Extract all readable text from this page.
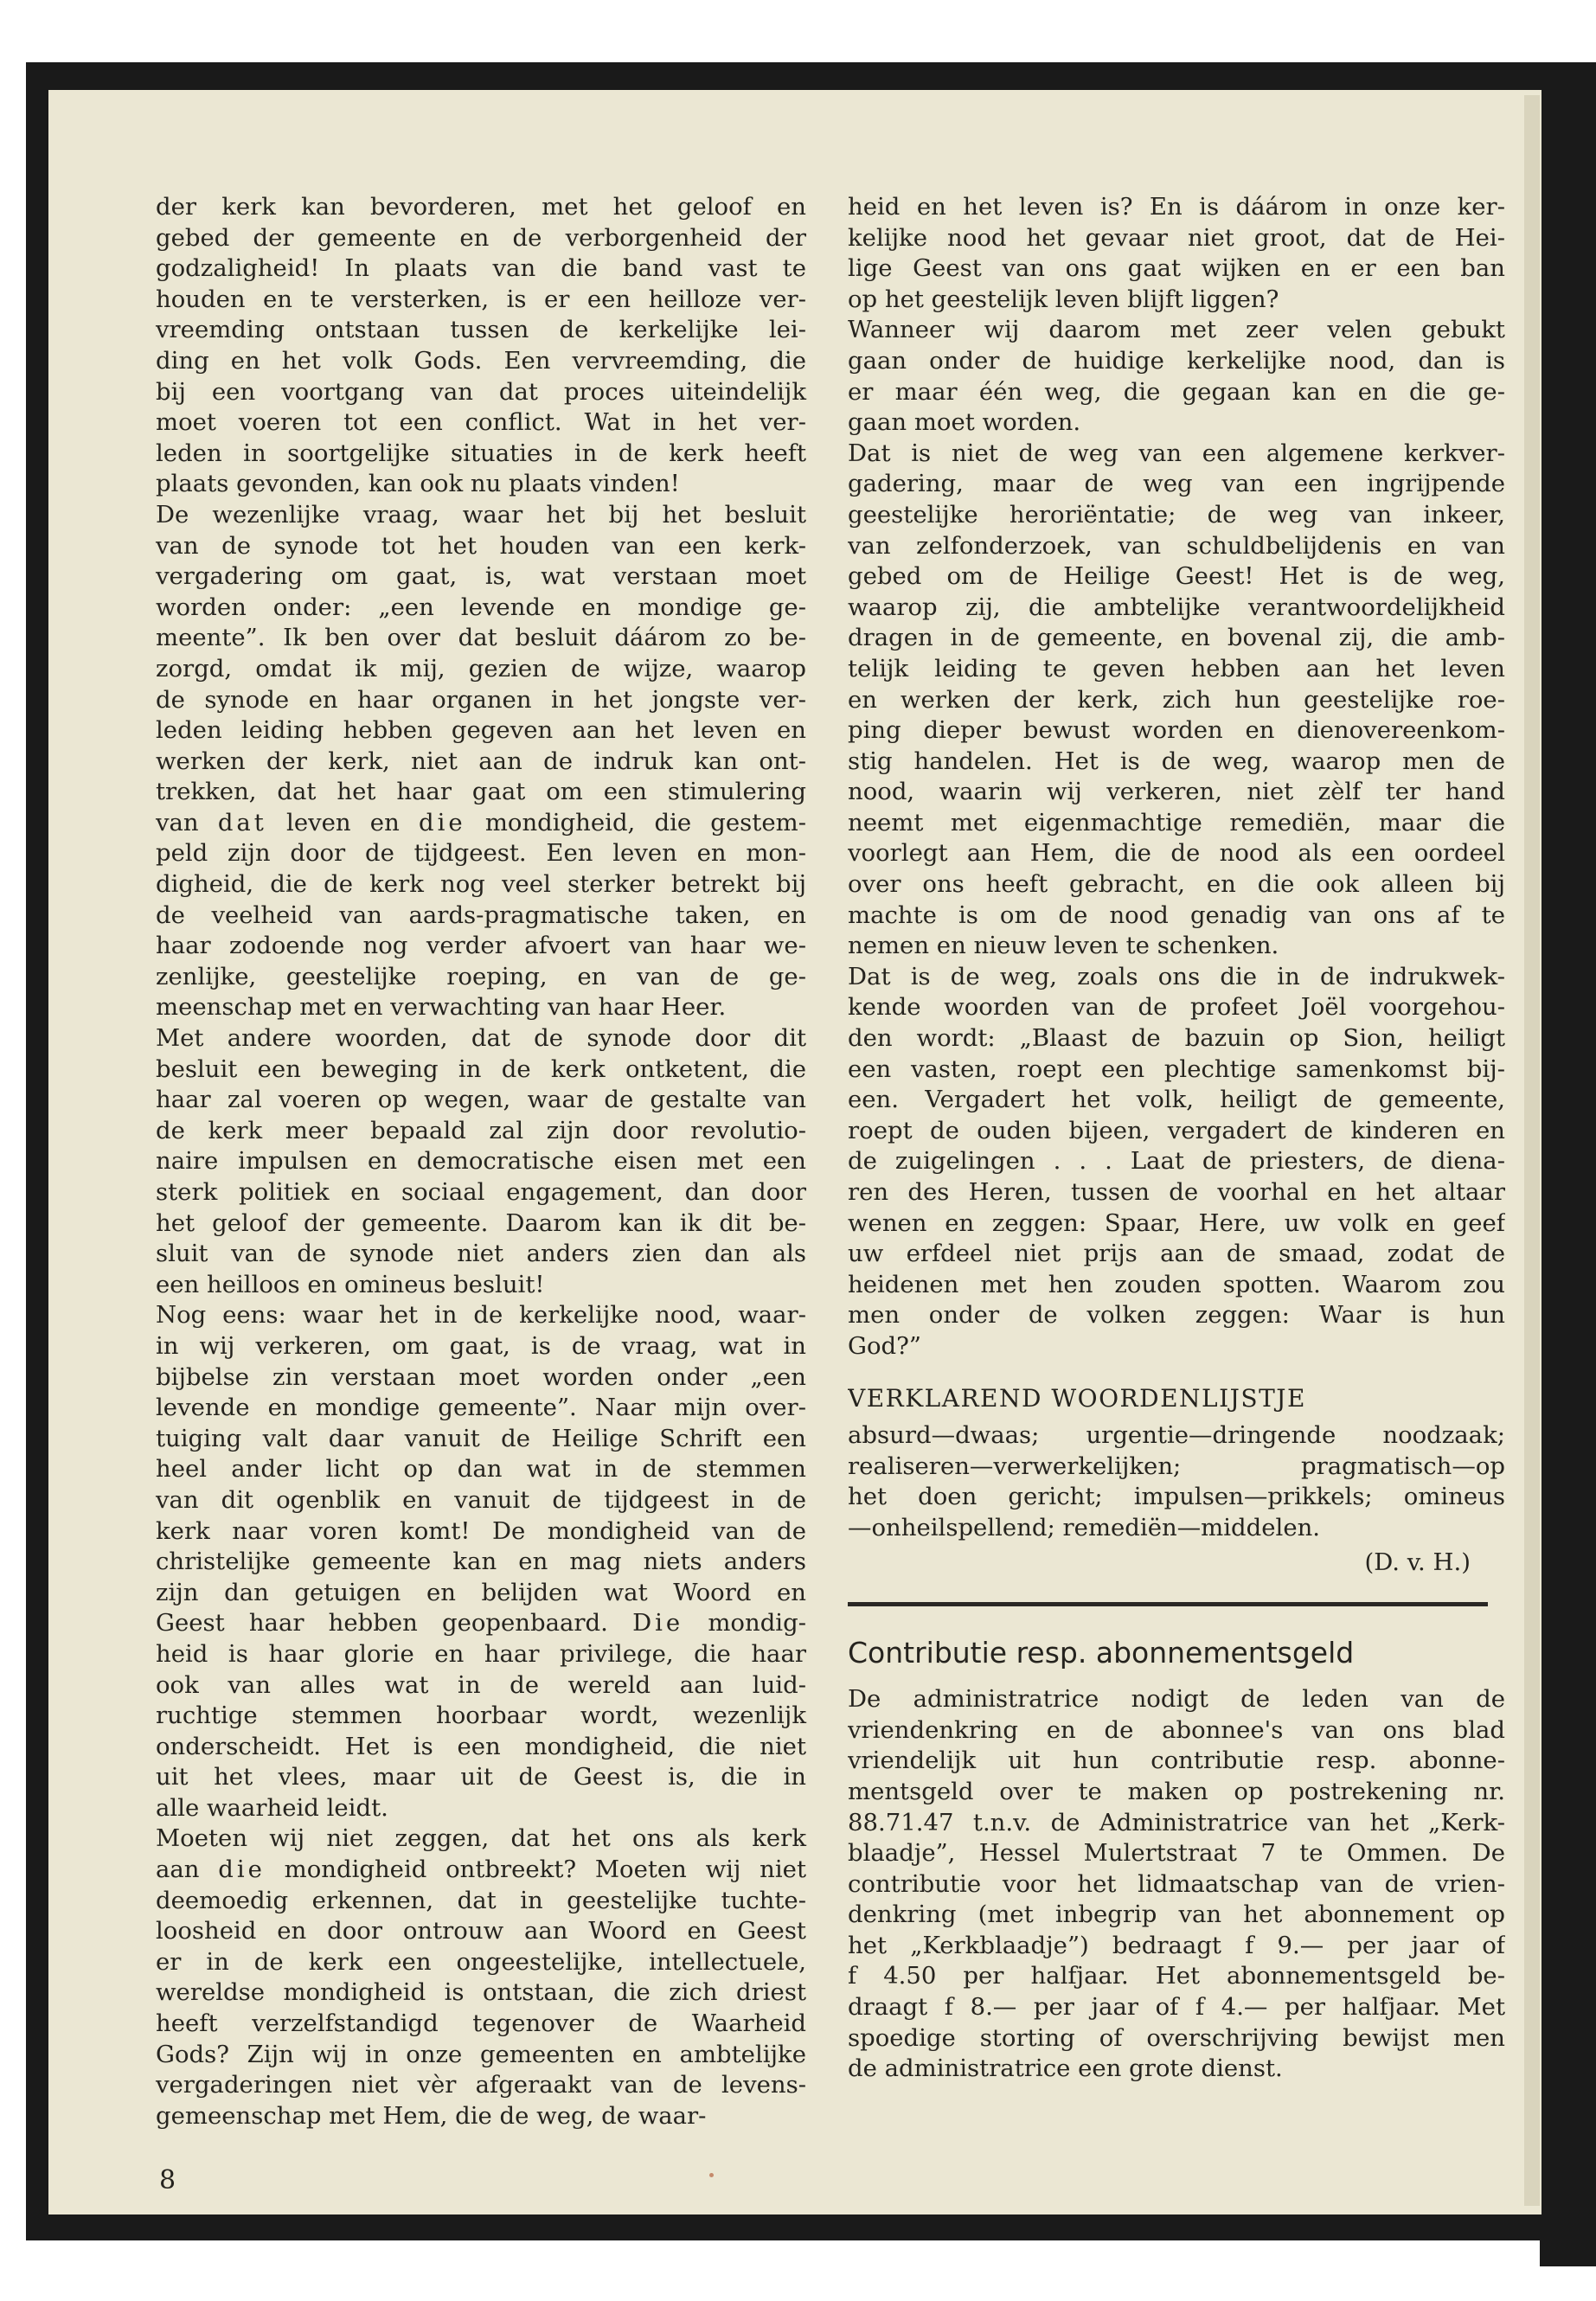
der kerk kan bevorderen, met het geloof en
gebed der gemeente en de verborgenheid der
godzaligheid! In plaats van die band vast te
houden en te versterken, is er een heilloze ver-
vreemding ontstaan tussen de kerkelijke lei-
ding en het volk Gods. Een vervreemding, die
bij een voortgang van dat proces uiteindelijk
moet voeren tot een conflict. Wat in het ver-
leden in soortgelijke situaties in de kerk heeft
plaats gevonden, kan ook nu plaats vinden!

De wezenlijke vraag, waar het bij het besluit
van de synode tot het houden van een kerk-
vergadering om gaat, is, wat verstaan moet
worden onder: „een levende en mondige ge-
meente”. Ik ben over dat besluit dáárom zo be-
zorgd, omdat ik mij, gezien de wijze, waarop
de synode en haar organen in het jongste ver-
leden leiding hebben gegeven aan het leven en
werken der kerk, niet aan de indruk kan ont-
trekken, dat het haar gaat om een stimulering
van dat leven en die mondigheid, die gestem-
peld zijn door de tijdgeest. Een leven en mon-
digheid, die de kerk nog veel sterker betrekt bij
de veelheid van aards-pragmatische taken, en
haar zodoende nog verder afvoert van haar we-
zenlijke, geestelijke roeping, en van de ge-
meenschap met en verwachting van haar Heer.

Met andere woorden, dat de synode door dit
besluit een beweging in de kerk ontketent, die
haar zal voeren op wegen, waar de gestalte van
de kerk meer bepaald zal zijn door revolutio-
naire impulsen en democratische eisen met een
sterk politiek en sociaal engagement, dan door
het geloof der gemeente. Daarom kan ik dit be-
sluit van de synode niet anders zien dan als
een heilloos en omineus besluit!

Nog eens: waar het in de kerkelijke nood, waar-
in wij verkeren, om gaat, is de vraag, wat in
bijbelse zin verstaan moet worden onder „een
levende en mondige gemeente”. Naar mijn over-
tuiging valt daar vanuit de Heilige Schrift een
heel ander licht op dan wat in de stemmen
van dit ogenblik en vanuit de tijdgeest in de
kerk naar voren komt! De mondigheid van de
christelijke gemeente kan en mag niets anders
zijn dan getuigen en belijden wat Woord en
Geest haar hebben geopenbaard. Die mondig-
heid is haar glorie en haar privilege, die haar
ook van alles wat in de wereld aan luid-
ruchtige stemmen hoorbaar wordt, wezenlijk
onderscheidt. Het is een mondigheid, die niet
uit het vlees, maar uit de Geest is, die in
alle waarheid leidt.

Moeten wij niet zeggen, dat het ons als kerk
aan die mondigheid ontbreekt? Moeten wij niet
deemoedig erkennen, dat in geestelijke tuchte-
loosheid en door ontrouw aan Woord en Geest
er in de kerk een ongeestelijke, intellectuele,
wereldse mondigheid is ontstaan, die zich driest
heeft verzelfstandigd tegenover de Waarheid
Gods? Zijn wij in onze gemeenten en ambtelijke
vergaderingen niet vèr afgeraakt van de levens-
gemeenschap met Hem, die de weg, de waar-

heid en het leven is? En is dáárom in onze ker-
kelijke nood het gevaar niet groot, dat de Hei-
lige Geest van ons gaat wijken en er een ban
op het geestelijk leven blijft liggen?

Wanneer wij daarom met zeer velen gebukt
gaan onder de huidige kerkelijke nood, dan is
er maar één weg, die gegaan kan en die ge-
gaan moet worden.

Dat is niet de weg van een algemene kerkver-
gadering, maar de weg van een ingrijpende
geestelijke heroriëntatie; de weg van inkeer,
van zelfonderzoek, van schuldbelijdenis en van
gebed om de Heilige Geest! Het is de weg,
waarop zij, die ambtelijke verantwoordelijkheid
dragen in de gemeente, en bovenal zij, die amb-
telijk leiding te geven hebben aan het leven
en werken der kerk, zich hun geestelijke roe-
ping dieper bewust worden en dienovereenkom-
stig handelen. Het is de weg, waarop men de
nood, waarin wij verkeren, niet zèlf ter hand
neemt met eigenmachtige remediën, maar die
voorlegt aan Hem, die de nood als een oordeel
over ons heeft gebracht, en die ook alleen bij
machte is om de nood genadig van ons af te
nemen en nieuw leven te schenken.

Dat is de weg, zoals ons die in de indrukwek-
kende woorden van de profeet Joël voorgehou-
den wordt: „Blaast de bazuin op Sion, heiligt
een vasten, roept een plechtige samenkomst bij-
een. Vergadert het volk, heiligt de gemeente,
roept de ouden bijeen, vergadert de kinderen en
de zuigelingen . . . Laat de priesters, de diena-
ren des Heren, tussen de voorhal en het altaar
wenen en zeggen: Spaar, Here, uw volk en geef
uw erfdeel niet prijs aan de smaad, zodat de
heidenen met hen zouden spotten. Waarom zou
men onder de volken zeggen: Waar is hun
God?”

VERKLAREND WOORDENLIJSTJE

absurd—dwaas; urgentie—dringende noodzaak;
realiseren—verwerkelijken; pragmatisch—op
het doen gericht; impulsen—prikkels; omineus
—onheilspellend; remediën—middelen.

(D. v. H.)

Contributie resp. abonnementsgeld

De administratrice nodigt de leden van de
vriendenkring en de abonnee's van ons blad
vriendelijk uit hun contributie resp. abonne-
mentsgeld over te maken op postrekening nr.
88.71.47 t.n.v. de Administratrice van het „Kerk-
blaadje”, Hessel Mulertstraat 7 te Ommen. De
contributie voor het lidmaatschap van de vrien-
denkring (met inbegrip van het abonnement op
het „Kerkblaadje”) bedraagt f 9.— per jaar of
f 4.50 per halfjaar. Het abonnementsgeld be-
draagt f 8.— per jaar of f 4.— per halfjaar. Met
spoedige storting of overschrijving bewijst men
de administratrice een grote dienst.
8
